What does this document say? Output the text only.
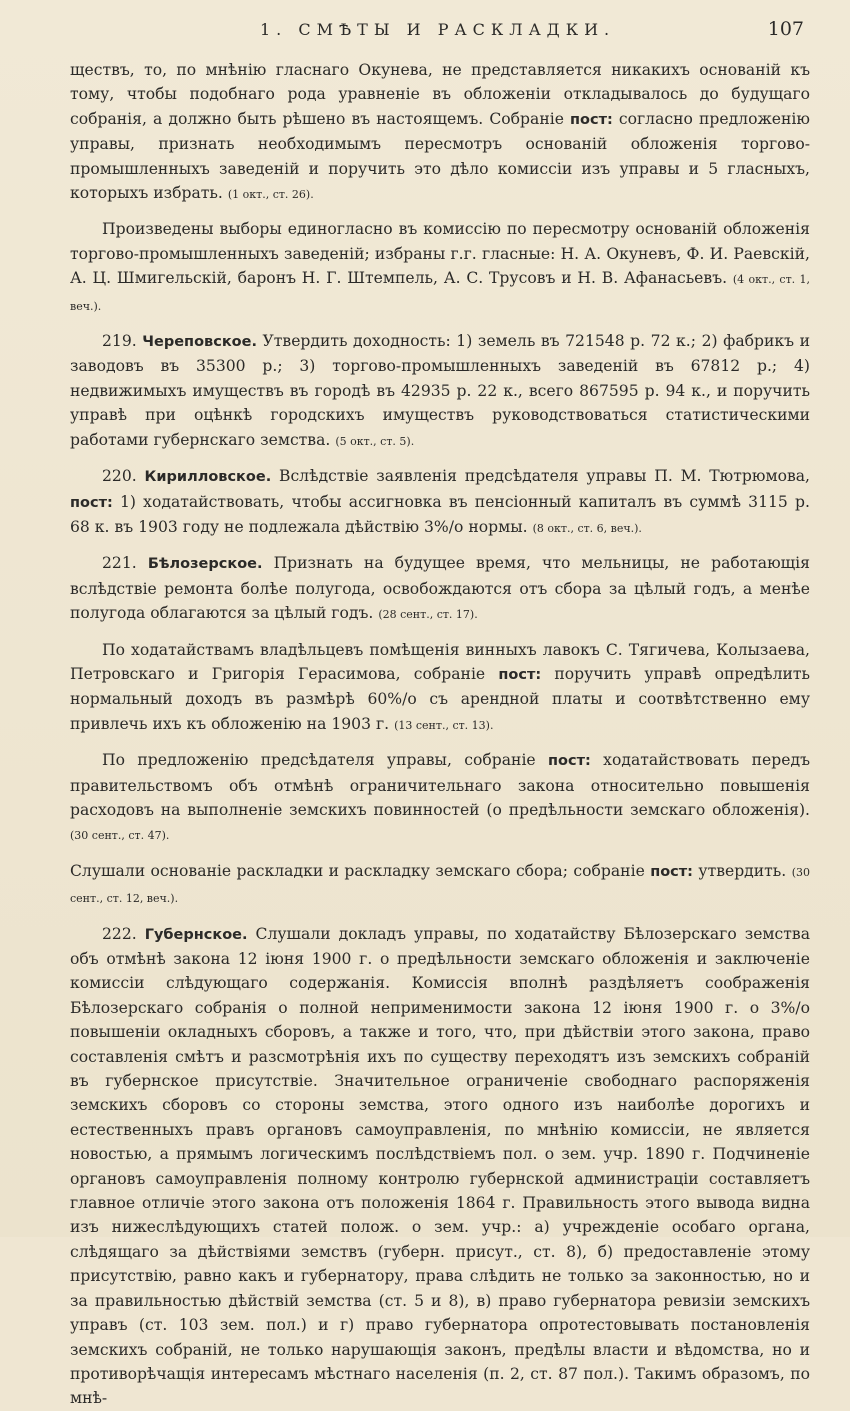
1. СМѢТЫ И РАСКЛАДКИ.	107

ществъ, то, по мнѣнію гласнаго Окунева, не представляется никакихъ основаній къ тому, чтобы подобнаго рода уравненіе въ обложеніи откладывалось до будущаго собранія, а должно быть рѣшено въ настоящемъ. Собраніе пост: согласно предложенію управы, признать необходимымъ пересмотръ основаній обложенія торгово-промышленныхъ заведеній и поручить это дѣло комиссіи изъ управы и 5 гласныхъ, которыхъ избрать. (1 окт., ст. 26).

Произведены выборы единогласно въ комиссію по пересмотру основаній обложенія торгово-промышленныхъ заведеній; избраны г.г. гласные: Н. А. Окуневъ, Ф. И. Раевскій, А. Ц. Шмигельскій, баронъ Н. Г. Штемпель, А. С. Трусовъ и Н. В. Афанасьевъ. (4 окт., ст. 1, веч.).

219. Череповское. Утвердить доходность: 1) земель въ 721548 р. 72 к.; 2) фабрикъ и заводовъ въ 35300 р.; 3) торгово-промышленныхъ заведеній въ 67812 р.; 4) недвижимыхъ имуществъ въ городѣ въ 42935 р. 22 к., всего 867595 р. 94 к., и поручить управѣ при оцѣнкѣ городскихъ имуществъ руководствоваться статистическими работами губернскаго земства. (5 окт., ст. 5).

220. Кирилловское. Вслѣдствіе заявленія предсѣдателя управы П. М. Тютрюмова, пост: 1) ходатайствовать, чтобы ассигновка въ пенсіонный капиталъ въ суммѣ 3115 р. 68 к. въ 1903 году не подлежала дѣйствію 3%/о нормы. (8 окт., ст. 6, веч.).

221. Бѣлозерское. Признать на будущее время, что мельницы, не работающія вслѣдствіе ремонта болѣе полугода, освобождаются отъ сбора за цѣлый годъ, а менѣе полугода облагаются за цѣлый годъ. (28 сент., ст. 17).

По ходатайствамъ владѣльцевъ помѣщенія винныхъ лавокъ С. Тягичева, Колызаева, Петровскаго и Григорія Герасимова, собраніе пост: поручить управѣ опредѣлить нормальный доходъ въ размѣрѣ 60%/о съ арендной платы и соотвѣтственно ему привлечь ихъ къ обложенію на 1903 г. (13 сент., ст. 13).

По предложенію предсѣдателя управы, собраніе пост: ходатайствовать передъ правительствомъ объ отмѣнѣ ограничительнаго закона относительно повышенія расходовъ на выполненіе земскихъ повинностей (о предѣльности земскаго обложенія). (30 сент., ст. 47).

Слушали основаніе раскладки и раскладку земскаго сбора; собраніе пост: утвердить. (30 сент., ст. 12, веч.).

222. Губернское. Слушали докладъ управы, по ходатайству Бѣлозерскаго земства объ отмѣнѣ закона 12 іюня 1900 г. о предѣльности земскаго обложенія и заключеніе комиссіи слѣдующаго содержанія. Комиссія вполнѣ раздѣляетъ соображенія Бѣлозерскаго собранія о полной неприменимости закона 12 іюня 1900 г. о 3%/о повышеніи окладныхъ сборовъ, а также и того, что, при дѣйствіи этого закона, право составленія смѣтъ и разсмотрѣнія ихъ по существу переходятъ изъ земскихъ собраній въ губернское присутствіе. Значительное ограниченіе свободнаго распоряженія земскихъ сборовъ со стороны земства, этого одного изъ наиболѣе дорогихъ и естественныхъ правъ органовъ самоуправленія, по мнѣнію комиссіи, не является новостью, а прямымъ логическимъ послѣдствіемъ пол. о зем. учр. 1890 г. Подчиненіе органовъ самоуправленія полному контролю губернской администраціи составляетъ главное отличіе этого закона отъ положенія 1864 г. Правильность этого вывода видна изъ нижеслѣдующихъ статей полож. о зем. учр.: а) учрежденіе особаго органа, слѣдящаго за дѣйствіями земствъ (губерн. присут., ст. 8), б) предоставленіе этому присутствію, равно какъ и губернатору, права слѣдить не только за законностью, но и за правильностью дѣйствій земства (ст. 5 и 8), в) право губернатора ревизіи земскихъ управъ (ст. 103 зем. пол.) и г) право губернатора опротестовывать постановленія земскихъ собраній, не только нарушающія законъ, предѣлы власти и вѣдомства, но и противорѣчащія интересамъ мѣстнаго населенія (п. 2, ст. 87 пол.). Такимъ образомъ, по мнѣ-
